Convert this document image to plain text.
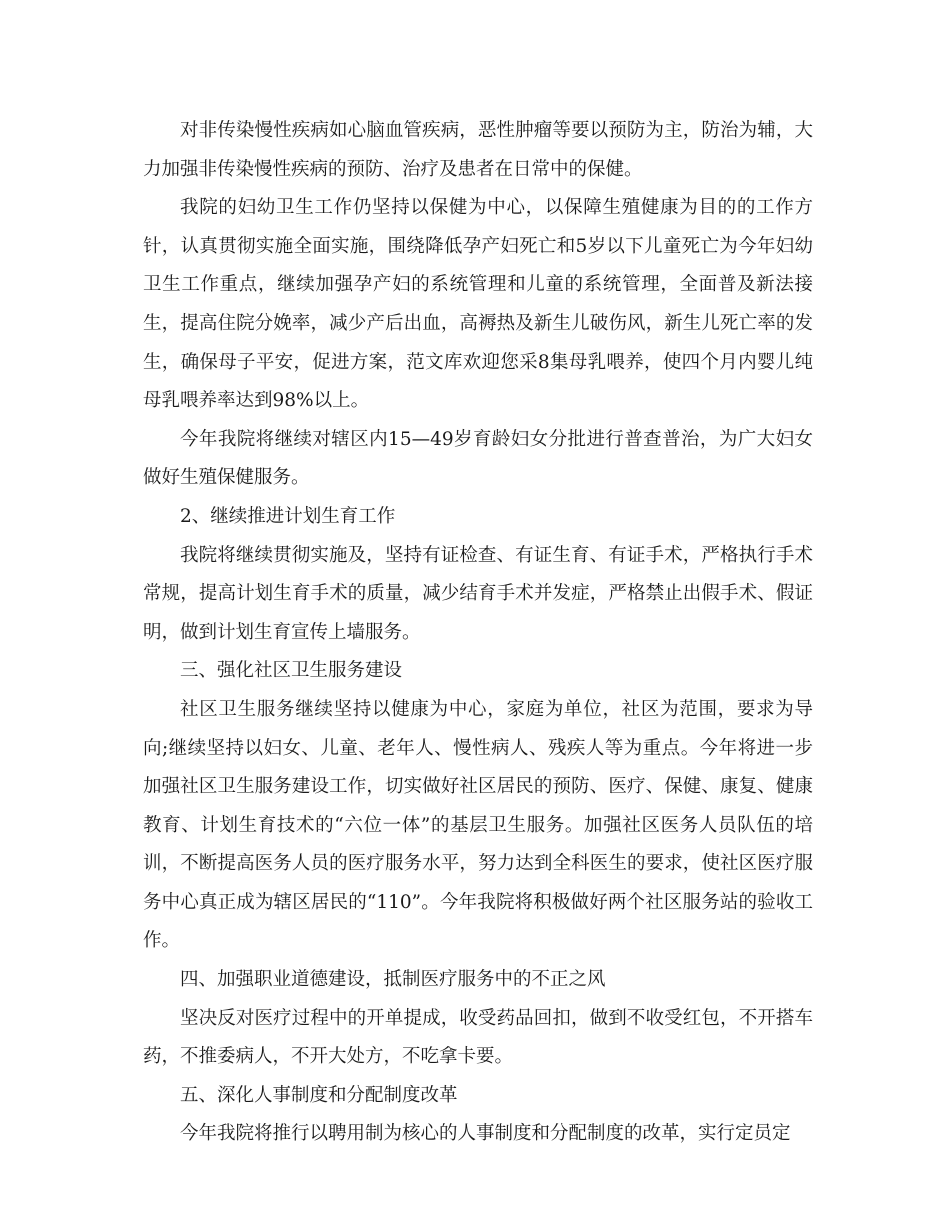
对非传染慢性疾病如心脑血管疾病，恶性肿瘤等要以预防为主，防治为辅，大力加强非传染慢性疾病的预防、治疗及患者在日常中的保健。

我院的妇幼卫生工作仍坚持以保健为中心，以保障生殖健康为目的的工作方针，认真贯彻实施全面实施，围绕降低孕产妇死亡和5岁以下儿童死亡为今年妇幼卫生工作重点，继续加强孕产妇的系统管理和儿童的系统管理，全面普及新法接生，提高住院分娩率，减少产后出血，高褥热及新生儿破伤风，新生儿死亡率的发生，确保母子平安，促进方案，范文库欢迎您采8集母乳喂养，使四个月内婴儿纯母乳喂养率达到98%以上。

今年我院将继续对辖区内15—49岁育龄妇女分批进行普查普治，为广大妇女做好生殖保健服务。

2、继续推进计划生育工作

我院将继续贯彻实施及，坚持有证检查、有证生育、有证手术，严格执行手术常规，提高计划生育手术的质量，减少结育手术并发症，严格禁止出假手术、假证明，做到计划生育宣传上墙服务。

三、强化社区卫生服务建设

社区卫生服务继续坚持以健康为中心，家庭为单位，社区为范围，要求为导向;继续坚持以妇女、儿童、老年人、慢性病人、残疾人等为重点。今年将进一步加强社区卫生服务建设工作，切实做好社区居民的预防、医疗、保健、康复、健康教育、计划生育技术的“六位一体”的基层卫生服务。加强社区医务人员队伍的培训，不断提高医务人员的医疗服务水平，努力达到全科医生的要求，使社区医疗服务中心真正成为辖区居民的“110”。今年我院将积极做好两个社区服务站的验收工作。

四、加强职业道德建设，抵制医疗服务中的不正之风

坚决反对医疗过程中的开单提成，收受药品回扣，做到不收受红包，不开搭车药，不推委病人，不开大处方，不吃拿卡要。

五、深化人事制度和分配制度改革

今年我院将推行以聘用制为核心的人事制度和分配制度的改革，实行定员定
